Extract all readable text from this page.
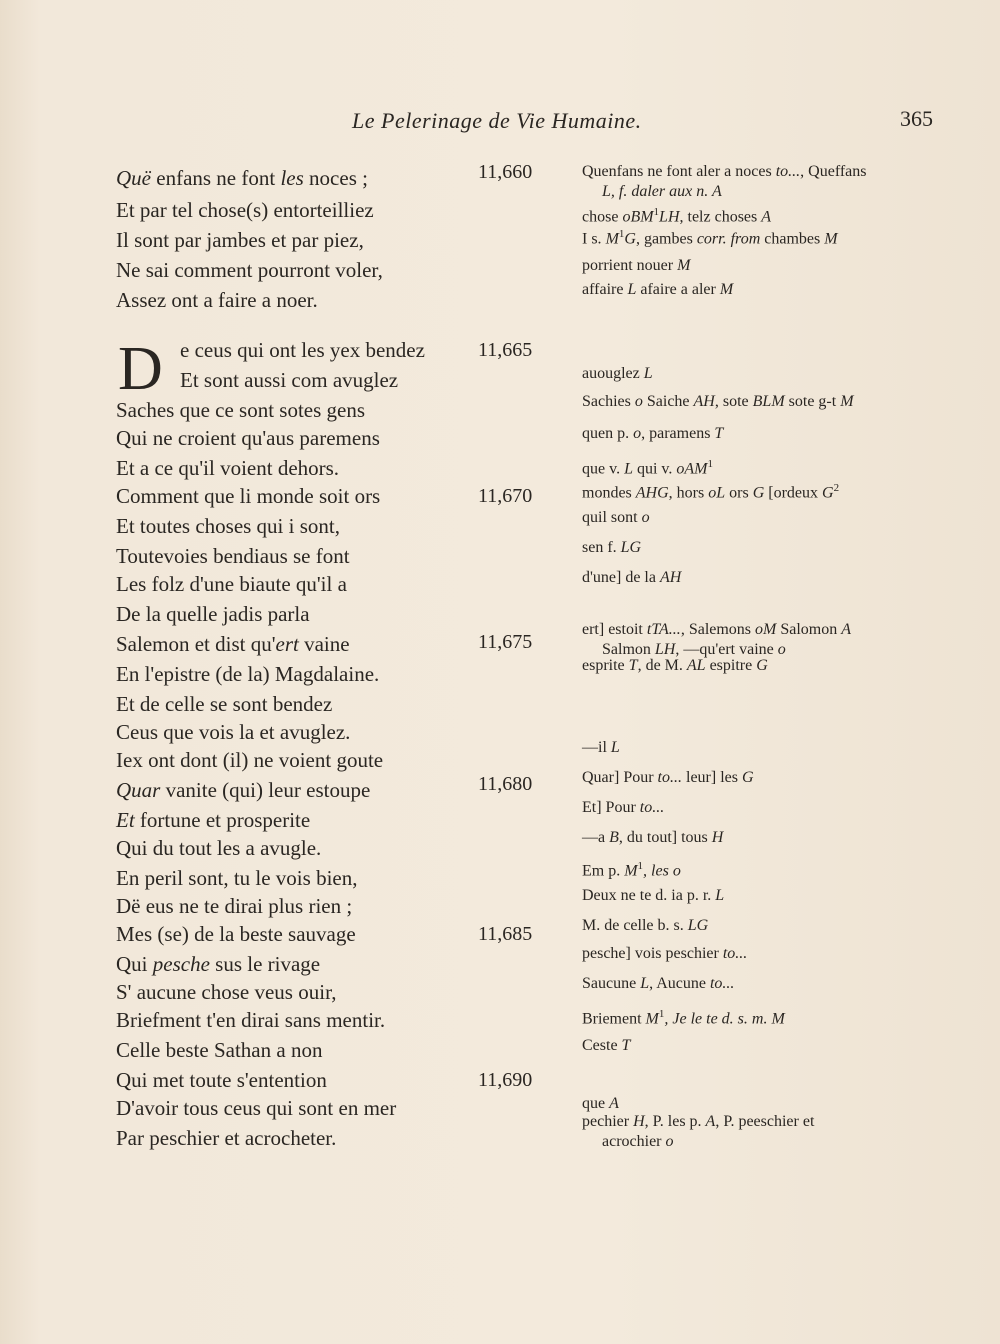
Le Pelerinage de Vie Humaine.	365
D
Quë enfans ne font les noces ;
Et par tel chose(s) entorteilliez
Il sont par jambes et par piez,
Ne sai comment pourront voler,
Assez ont a faire a noer.
e ceus qui ont les yex bendez
Et sont aussi com avuglez
Saches que ce sont sotes gens
Qui ne croient qu'aus paremens
Et a ce qu'il voient dehors.
Comment que li monde soit ors
Et toutes choses qui i sont,
Toutevoies bendiaus se font
Les folz d'une biaute qu'il a
De la quelle jadis parla
Salemon et dist qu'ert vaine
En l'epistre (de la) Magdalaine.
Et de celle se sont bendez
Ceus que vois la et avuglez.
Iex ont dont (il) ne voient goute
Quar vanite (qui) leur estoupe
Et fortune et prosperite
Qui du tout les a avugle.
En peril sont, tu le vois bien,
Dë eus ne te dirai plus rien ;
Mes (se) de la beste sauvage
Qui pesche sus le rivage
S' aucune chose veus ouir,
Briefment t'en dirai sans mentir.
Celle beste Sathan a non
Qui met toute s'entention
D'avoir tous ceus qui sont en mer
Par peschier et acrocheter.
11,660
11,665
11,670
11,675
11,680
11,685
11,690
Quenfans ne font aler a noces to..., Queffans
L, f. daler aux n. A
chose oBM$^1$LH, telz choses A
I s. $M^1G$, gambes corr. from chambes M
porrient nouer M
affaire L afaire a aler M
auouglez L
Sachies o Saiche AH, sote BLM sote g-t M
quen p. o, paramens T
que v. L qui v. oAM$^1$
mondes AHG, hors oL ors G [ordeux $G^2$
quil sont o
sen f. LG
d'une] de la AH
ert] estoit tTA..., Salemons oM Salomon A
Salmon LH, —qu'ert vaine o
esprite T, de M. AL espitre G
—il L
Quar] Pour to... leur] les G
Et] Pour to...
—a B, du tout] tous H
Em p. $M^1$, les o
Deux ne te d. ia p. r. L
M. de celle b. s. LG
pesche] vois peschier to...
Saucune L, Aucune to...
Briement $M^1$, Je le te d. s. m. M
Ceste T
que A
pechier H, P. les p. A, P. peeschier et
acrochier o
